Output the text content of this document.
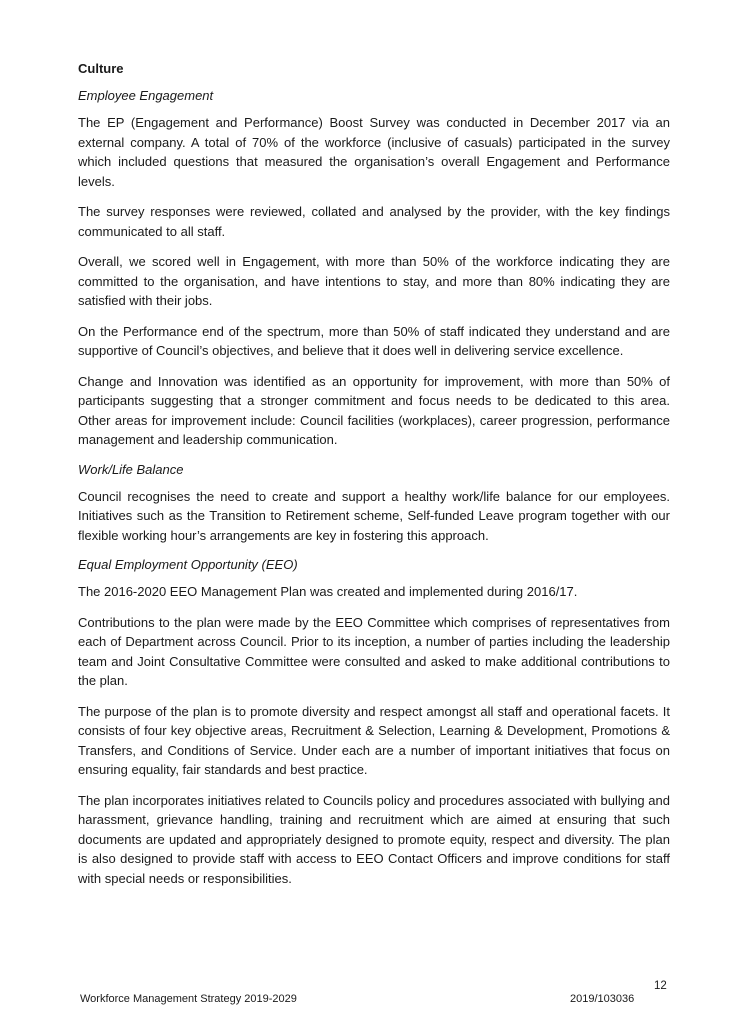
Culture
Employee Engagement

The EP (Engagement and Performance) Boost Survey was conducted in December 2017 via an external company. A total of 70% of the workforce (inclusive of casuals) participated in the survey which included questions that measured the organisation’s overall Engagement and Performance levels.

The survey responses were reviewed, collated and analysed by the provider, with the key findings communicated to all staff.

Overall, we scored well in Engagement, with more than 50% of the workforce indicating they are committed to the organisation, and have intentions to stay, and more than 80% indicating they are satisfied with their jobs.

On the Performance end of the spectrum, more than 50% of staff indicated they understand and are supportive of Council’s objectives, and believe that it does well in delivering service excellence.

Change and Innovation was identified as an opportunity for improvement, with more than 50% of participants suggesting that a stronger commitment and focus needs to be dedicated to this area. Other areas for improvement include: Council facilities (workplaces), career progression, performance management and leadership communication.

Work/Life Balance

Council recognises the need to create and support a healthy work/life balance for our employees. Initiatives such as the Transition to Retirement scheme, Self-funded Leave program together with our flexible working hour’s arrangements are key in fostering this approach.

Equal Employment Opportunity (EEO)

The 2016-2020 EEO Management Plan was created and implemented during 2016/17.

Contributions to the plan were made by the EEO Committee which comprises of representatives from each of Department across Council. Prior to its inception, a number of parties including the leadership team and Joint Consultative Committee were consulted and asked to make additional contributions to the plan.

The purpose of the plan is to promote diversity and respect amongst all staff and operational facets. It consists of four key objective areas, Recruitment & Selection, Learning & Development, Promotions & Transfers, and Conditions of Service. Under each are a number of important initiatives that focus on ensuring equality, fair standards and best practice.

The plan incorporates initiatives related to Councils policy and procedures associated with bullying and harassment, grievance handling, training and recruitment which are aimed at ensuring that such documents are updated and appropriately designed to promote equity, respect and diversity. The plan is also designed to provide staff with access to EEO Contact Officers and improve conditions for staff with special needs or responsibilities.

12
Workforce Management Strategy 2019-2029	2019/103036
